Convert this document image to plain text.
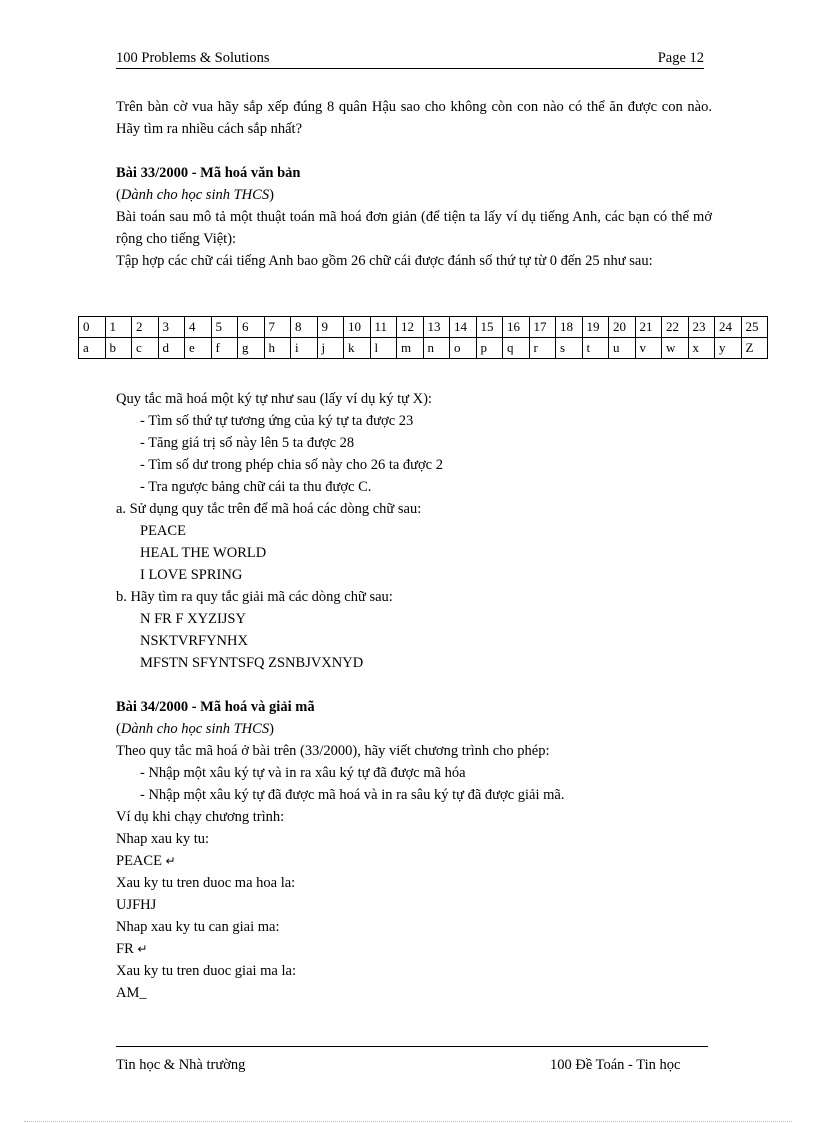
100 Problems & Solutions	Page 12

Trên bàn cờ vua hãy sắp xếp đúng 8 quân Hậu sao cho không còn con nào có thể ăn được con nào. Hãy tìm ra nhiều cách sắp nhất?

Bài 33/2000 - Mã hoá văn bản

(Dành cho học sinh THCS)

Bài toán sau mô tả một thuật toán mã hoá đơn giản (để tiện ta lấy ví dụ tiếng Anh, các bạn có thể mở rộng cho tiếng Việt):

Tập hợp các chữ cái tiếng Anh bao gồm 26 chữ cái được đánh số thứ tự từ 0 đến 25 như sau:

0	1	2	3	4	5	6	7	8	9	10	11	12	13	14	15	16	17	18	19	20	21	22	23	24	25
a	b	c	d	e	f	g	h	i	j	k	l	m	n	o	p	q	r	s	t	u	v	w	x	y	Z

Quy tắc mã hoá một ký tự như sau (lấy ví dụ ký tự X):

- Tìm số thứ tự tương ứng của ký tự ta được 23

- Tăng giá trị số này lên 5 ta được 28

- Tìm số dư trong phép chia số này cho 26 ta được 2

- Tra ngược bảng chữ cái ta thu được C.

a. Sử dụng quy tắc trên để mã hoá các dòng chữ sau:

PEACE

HEAL THE WORLD

I LOVE SPRING

b. Hãy tìm ra quy tắc giải mã các dòng chữ sau:

N FR F XYZIJSY

NSKTVRFYNHX

MFSTN SFYNTSFQ ZSNBJVXNYD

Bài 34/2000 - Mã hoá và giải mã

(Dành cho học sinh THCS)

Theo quy tắc mã hoá ở bài trên (33/2000), hãy viết chương trình cho phép:

- Nhập một xâu ký tự và in ra xâu ký tự đã được mã hóa

- Nhập một xâu ký tự đã được mã hoá và in ra sâu ký tự đã được giải mã.

Ví dụ khi chạy chương trình:

Nhap xau ky tu:

PEACE ↵

Xau ky tu tren duoc ma hoa la:

UJFHJ

Nhap xau ky tu can giai ma:

FR ↵

Xau ky tu tren duoc giai ma la:

AM_

Tin học & Nhà trường	100 Đề Toán - Tin học
